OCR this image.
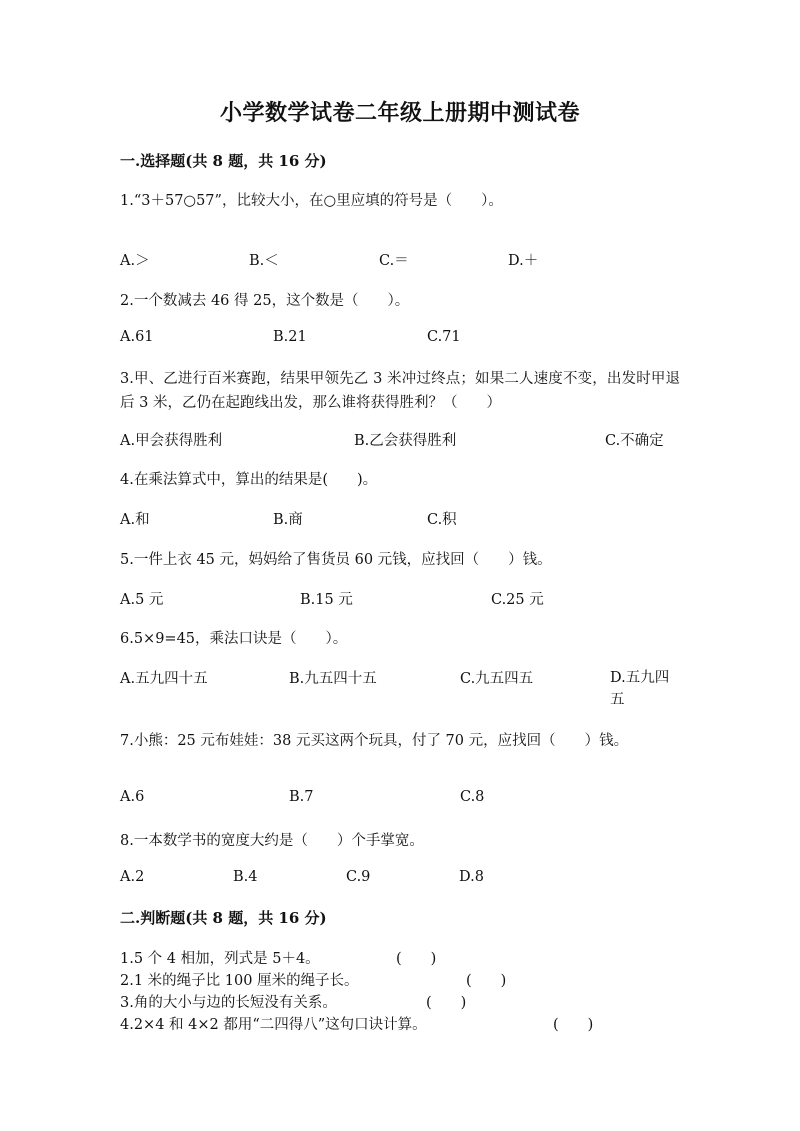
小学数学试卷二年级上册期中测试卷
一.选择题(共 8 题，共 16 分)
1.“3＋57○57”，比较大小，在○里应填的符号是（　　）。
A.＞	B.＜	C.＝	D.＋
2.一个数减去 46 得 25，这个数是（　　）。
A.61	B.21	C.71
3.甲、乙进行百米赛跑，结果甲领先乙 3 米冲过终点；如果二人速度不变，出发时甲退后 3 米，乙仍在起跑线出发，那么谁将获得胜利？（　　）
A.甲会获得胜利	B.乙会获得胜利	C.不确定
4.在乘法算式中，算出的结果是(　　)。
A.和	B.商	C.积
5.一件上衣 45 元，妈妈给了售货员 60 元钱，应找回（　　）钱。
A.5 元	B.15 元	C.25 元
6.5×9=45，乘法口诀是（　　）。
A.五九四十五	B.九五四十五	C.九五四五	D.五九四五
7.小熊：25 元布娃娃：38 元买这两个玩具，付了 70 元，应找回（　　）钱。
A.6	B.7	C.8
8.一本数学书的宽度大约是（　　）个手掌宽。
A.2	B.4	C.9	D.8
二.判断题(共 8 题，共 16 分)
1.5 个 4 相加，列式是 5＋4。	(　　)
2.1 米的绳子比 100 厘米的绳子长。	(　　)
3.角的大小与边的长短没有关系。	(　　)
4.2×4 和 4×2 都用“二四得八”这句口诀计算。	(　　)
